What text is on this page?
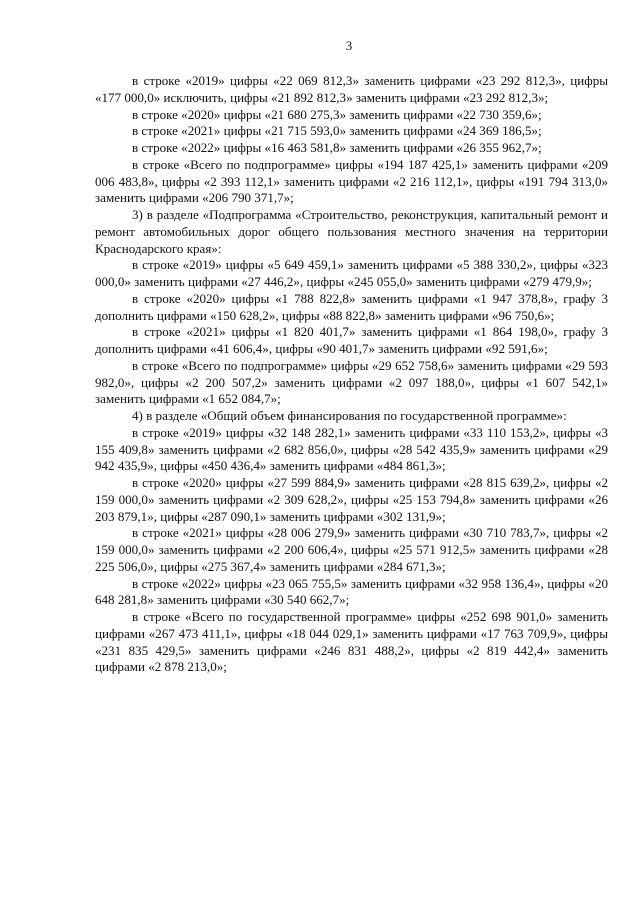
3

в строке «2019» цифры «22 069 812,3» заменить цифрами «23 292 812,3», цифры «177 000,0» исключить, цифры «21 892 812,3» заменить цифрами «23 292 812,3»;

в строке «2020» цифры «21 680 275,3» заменить цифрами «22 730 359,6»;

в строке «2021» цифры «21 715 593,0» заменить цифрами «24 369 186,5»;

в строке «2022» цифры «16 463 581,8» заменить цифрами «26 355 962,7»;

в строке «Всего по подпрограмме» цифры «194 187 425,1» заменить цифрами «209 006 483,8», цифры «2 393 112,1» заменить цифрами «2 216 112,1», цифры «191 794 313,0» заменить цифрами «206 790 371,7»;

3) в разделе «Подпрограмма «Строительство, реконструкция, капитальный ремонт и ремонт автомобильных дорог общего пользования местного значения на территории Краснодарского края»:

в строке «2019» цифры «5 649 459,1» заменить цифрами «5 388 330,2», цифры «323 000,0» заменить цифрами «27 446,2», цифры «245 055,0» заменить цифрами «279 479,9»;

в строке «2020» цифры «1 788 822,8» заменить цифрами «1 947 378,8», графу 3 дополнить цифрами «150 628,2», цифры «88 822,8» заменить цифрами «96 750,6»;

в строке «2021» цифры «1 820 401,7» заменить цифрами «1 864 198,0», графу 3 дополнить цифрами «41 606,4», цифры «90 401,7» заменить цифрами «92 591,6»;

в строке «Всего по подпрограмме» цифры «29 652 758,6» заменить цифрами «29 593 982,0», цифры «2 200 507,2» заменить цифрами «2 097 188,0», цифры «1 607 542,1» заменить цифрами «1 652 084,7»;

4) в разделе «Общий объем финансирования по государственной программе»:

в строке «2019» цифры «32 148 282,1» заменить цифрами «33 110 153,2», цифры «3 155 409,8» заменить цифрами «2 682 856,0», цифры «28 542 435,9» заменить цифрами «29 942 435,9», цифры «450 436,4» заменить цифрами «484 861,3»;

в строке «2020» цифры «27 599 884,9» заменить цифрами «28 815 639,2», цифры «2 159 000,0» заменить цифрами «2 309 628,2», цифры «25 153 794,8» заменить цифрами «26 203 879,1», цифры «287 090,1» заменить цифрами «302 131,9»;

в строке «2021» цифры «28 006 279,9» заменить цифрами «30 710 783,7», цифры «2 159 000,0» заменить цифрами «2 200 606,4», цифры «25 571 912,5» заменить цифрами «28 225 506,0», цифры «275 367,4» заменить цифрами «284 671,3»;

в строке «2022» цифры «23 065 755,5» заменить цифрами «32 958 136,4», цифры «20 648 281,8» заменить цифрами «30 540 662,7»;

в строке «Всего по государственной программе» цифры «252 698 901,0» заменить цифрами «267 473 411,1», цифры «18 044 029,1» заменить цифрами «17 763 709,9», цифры «231 835 429,5» заменить цифрами «246 831 488,2», цифры «2 819 442,4» заменить цифрами «2 878 213,0»;
